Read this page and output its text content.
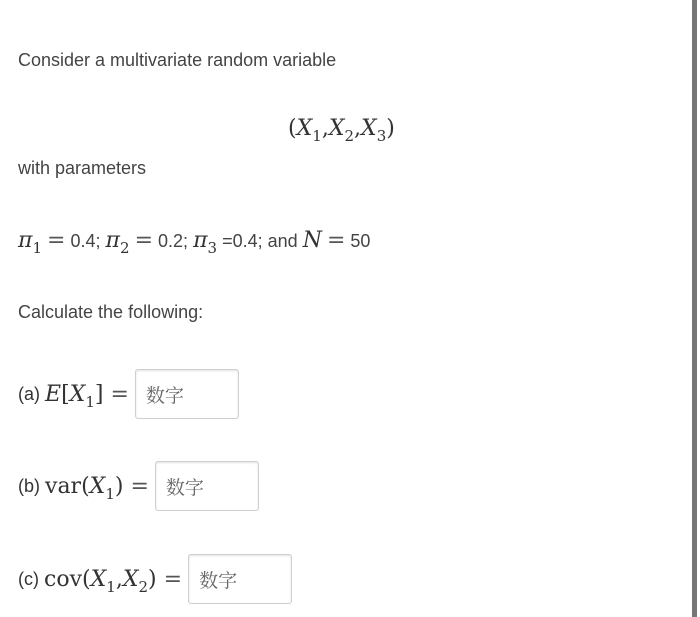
Consider a multivariate random variable
$(X_1,X_2,X_3)$
with parameters
$\pi_1 = 0.4$; $\pi_2 = 0.2$; $\pi_3 =0.4$; and N = 50
Calculate the following:
(a)
$E[X_1]$ =
数字
(b)
$var(X_1)$ =
数字
(c)
$cov(X_1,X_2)$ =
数字
